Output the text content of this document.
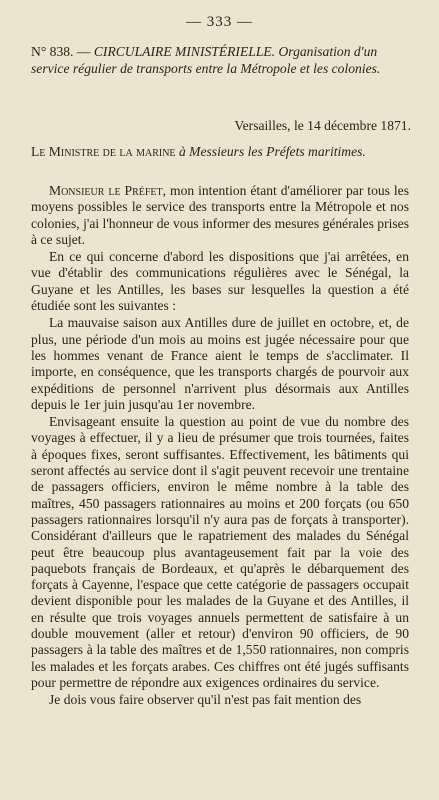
— 333 —
N° 838. — CIRCULAIRE MINISTÉRIELLE. Organisation d'un service régulier de transports entre la Métropole et les colonies.
Versailles, le 14 décembre 1871.
Le Ministre de la marine à Messieurs les Préfets maritimes.

Monsieur le Préfet, mon intention étant d'améliorer par tous les moyens possibles le service des transports entre la Métropole et nos colonies, j'ai l'honneur de vous informer des mesures générales prises à ce sujet.

En ce qui concerne d'abord les dispositions que j'ai arrêtées, en vue d'établir des communications régulières avec le Sénégal, la Guyane et les Antilles, les bases sur lesquelles la question a été étudiée sont les suivantes :

La mauvaise saison aux Antilles dure de juillet en octobre, et, de plus, une période d'un mois au moins est jugée nécessaire pour que les hommes venant de France aient le temps de s'acclimater. Il importe, en conséquence, que les transports chargés de pourvoir aux expéditions de personnel n'arrivent plus désormais aux Antilles depuis le 1er juin jusqu'au 1er novembre.

Envisageant ensuite la question au point de vue du nombre des voyages à effectuer, il y a lieu de présumer que trois tournées, faites à époques fixes, seront suffisantes. Effectivement, les bâtiments qui seront affectés au service dont il s'agit peuvent recevoir une trentaine de passagers officiers, environ le même nombre à la table des maîtres, 450 passagers rationnaires au moins et 200 forçats (ou 650 passagers rationnaires lorsqu'il n'y aura pas de forçats à transporter). Considérant d'ailleurs que le rapatriement des malades du Sénégal peut être beaucoup plus avantageusement fait par la voie des paquebots français de Bordeaux, et qu'après le débarquement des forçats à Cayenne, l'espace que cette catégorie de passagers occupait devient disponible pour les malades de la Guyane et des Antilles, il en résulte que trois voyages annuels permettent de satisfaire à un double mouvement (aller et retour) d'environ 90 officiers, de 90 passagers à la table des maîtres et de 1,550 rationnaires, non compris les malades et les forçats arabes. Ces chiffres ont été jugés suffisants pour permettre de répondre aux exigences ordinaires du service.

Je dois vous faire observer qu'il n'est pas fait mention des
